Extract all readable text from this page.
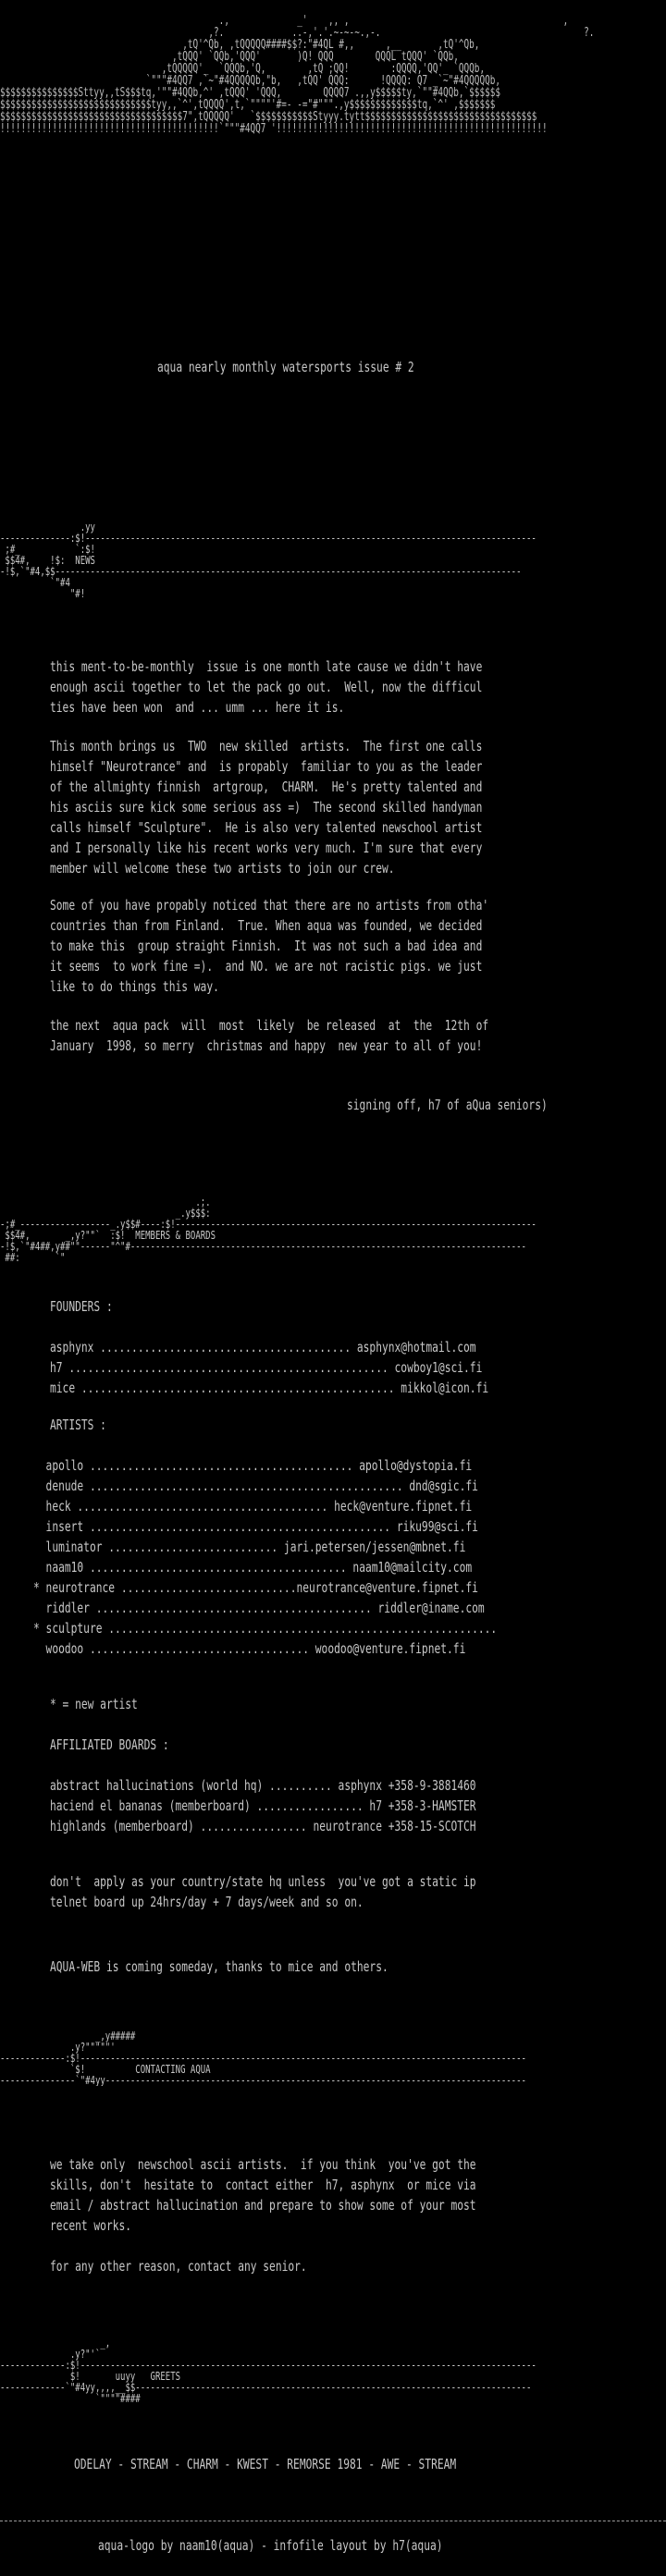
.,             _'    ,, ,                                         ,
,?.             ..-,'.'.~-~-~.,-.                                       ?.
,tQ'^Qb, ,tQQQQQ####$$?:"#4QL #,,      ,__       ,tQ'^Qb,
,tQQQ' `QQb,'QQQ'       )Q! QQQ        QQQL tQQQ' `QQb,
,tQQQQQ'_  `QQQb,'Q,        ,tQ ;QQ!        :QQQQ,'QQ'_ `QQQb,
`"""#4QQ7 ,`~"#4QQQQQb,"b,   ,tQQ' QQQ:      !QQQQ: Q7 _`~"#4QQQQQb,
$$$$$$$$$$$$$$$Sttyy,,tS$$$tq,'""#4QQb,^' ,tQQQ' 'QQQ,        QQQQ7 .,,y$$$$$ty,`""#4QQb,`$$$$$$
$$$$$$$$$$$$$$$$$$$$$$$$$$$$$tyy,,`^',tQQQQ',t,`""""'#=- -="#""".,y$$$$$$$$$$$$$tq,`^' ,$$$$$$$
$$$$$$$$$$$$$$$$$$$$$$$$$$$$$$$$$$$7",tQQQQQ'   `$$$$$$$$$$$Styyy.tytt$$$$$$$$$$$$$$$$$$$$$$$$$$$$$$$$$
!!!!!!!!!!!!!!!!!!!!!!!!!!!!!!!!!!!!!!!!!!`"""#4QQ7 '!!!!!!!!!!!!!!!!!!!!!!!!!!!!!!!!!!!!!!!!!!!!!!!!!!!!
aqua nearly monthly watersports issue # 2
.yy
--------------:$!------------------------------------------------------------------------------------------
;#_           `:$!
$$4#,    !$:  NEWS
-!$,`"#4,$$---------------------------------------------------------------------------------------------
`"#4
"#!
this ment-to-be-monthly  issue is one month late cause we didn't have
enough ascii together to let the pack go out.  Well, now the difficul
ties have been won  and ... umm ... here it is.
This month brings us  TWO  new skilled  artists.  The first one calls
himself "Neurotrance" and  is propably  familiar to you as the leader
of the allmighty finnish  artgroup,  CHARM.  He's pretty talented and
his asciis sure kick some serious ass =)  The second skilled handyman
calls himself "Sculpture".  He is also very talented newschool artist
and I personally like his recent works very much. I'm sure that every
member will welcome these two artists to join our crew.
Some of you have propably noticed that there are no artists from otha'
countries than from Finland.  True. When aqua was founded, we decided
to make this  group straight Finnish.  It was not such a bad idea and
it seems  to work fine =).  and NO. we are not racistic pigs. we just
like to do things this way.
the next  aqua pack  will  most  likely  be released  at  the  12th of
January  1998, so merry  christmas and happy  new year to all of you!
signing off, h7 of aQua seniors)
.;.
_.y$$$:
-;#_------------------_.y$$#----:$!------------------------------------------------------------------------
$$4#,       _,y?""`  :$!  MEMBERS & BOARDS
-!$,`"#4##,y##""------"^"#-------------------------------------------------------------------------------
##:       `"
FOUNDERS :
asphynx ........................................ asphynx@hotmail.com
h7 ................................................... cowboy1@sci.fi
mice .................................................. mikkol@icon.fi
ARTISTS :
apollo .......................................... apollo@dystopia.fi
denude .................................................. dnd@sgic.fi
heck ........................................ heck@venture.fipnet.fi
insert ................................................ riku99@sci.fi
luminator ........................... jari.petersen/jessen@mbnet.fi
naam10 ......................................... naam10@mailcity.com
* neurotrance ............................neurotrance@venture.fipnet.fi
riddler ............................................ riddler@iname.com
* sculpture ..............................................................
woodoo ................................... woodoo@venture.fipnet.fi
* = new artist
AFFILIATED BOARDS :
abstract hallucinations (world hq) .......... asphynx +358-9-3881460
haciend el bananas (memberboard) ................. h7 +358-3-HAMSTER
highlands (memberboard) ................. neurotrance +358-15-SCOTCH
don't  apply as your country/state hq unless  you've got a static ip
telnet board up 24hrs/day + 7 days/week and so on.
AQUA-WEB is coming someday, thanks to mice and others.
_,y#####
.y?"""""'
-------------:$!-----------------------------------------------------------------------------------------
`$!          CONTACTING AQUA
---------------`"#4yy------------------------------------------------------------------------------------
we take only  newschool ascii artists.  if you think  you've got the
skills, don't  hesitate to  contact either  h7, asphynx  or mice via
email / abstract hallucination and prepare to show some of your most
recent works.
for any other reason, contact any senior.
_,
.y?"'`
-------------:$!-------------------------------------------------------------------------------------------
$!       uuyy   GREETS
-------------`"#4yy,,,,__$$-------------------------------------------------------------------------------
`""""####
ODELAY - STREAM - CHARM - KWEST - REMORSE 1981 - AWE - STREAM
aqua-logo by naam10(aqua) - infofile layout by h7(aqua)
